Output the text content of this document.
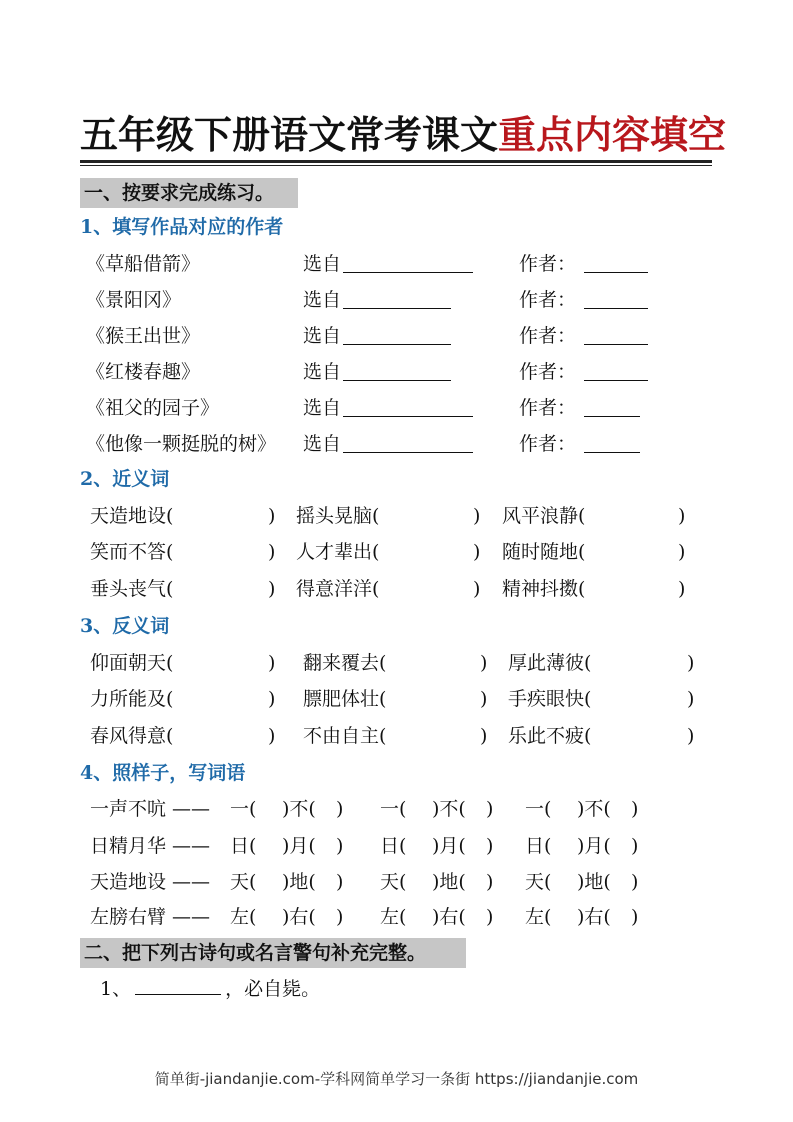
五年级下册语文常考课文重点内容填空
一、按要求完成练习。
1、填写作品对应的作者
《草船借箭》	选自	作者：
《景阳冈》	选自	作者：
《猴王出世》	选自	作者：
《红楼春趣》	选自	作者：
《祖父的园子》	选自	作者：
《他像一颗挺脱的树》 选自	作者：
2、近义词
天造地设(	) 摇头晃脑(	) 风平浪静(	)
笑而不答(	) 人才辈出(	) 随时随地(	)
垂头丧气(	) 得意洋洋(	) 精神抖擞(	)
3、反义词
仰面朝天(	) 翻来覆去(	) 厚此薄彼(	)
力所能及(	) 膘肥体壮(	) 手疾眼快(	)
春风得意(	) 不由自主(	) 乐此不疲(	)
4、照样子，写词语
一声不吭 —— 一( )不( ) 一( )不( ) 一( )不( )
日精月华 —— 日( )月( ) 日( )月( ) 日( )月( )
天造地设 —— 天( )地( ) 天( )地( ) 天( )地( )
左膀右臂 —— 左( )右( ) 左( )右( ) 左( )右( )
二、把下列古诗句或名言警句补充完整。
1、	，必自毙。
简单街-jiandanjie.com-学科网简单学习一条街 https://jiandanjie.com
